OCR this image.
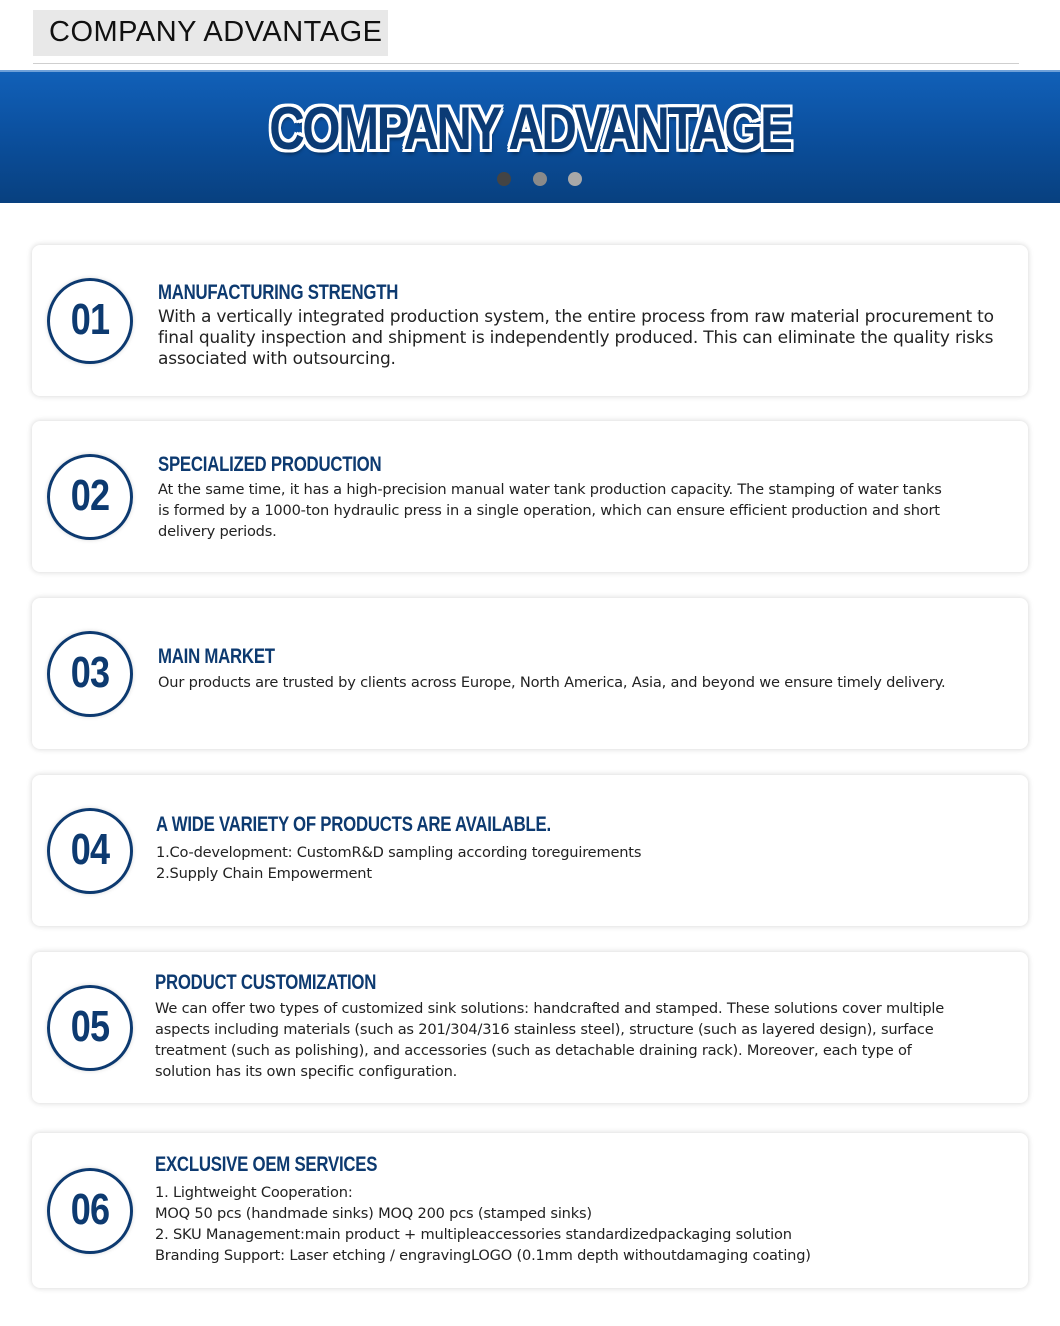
COMPANY ADVANTAGE
COMPANY ADVANTAGE
01
MANUFACTURING STRENGTH
With a vertically integrated production system, the entire process from raw material procurement to
final quality inspection and shipment is independently produced. This can eliminate the quality risks
associated with outsourcing.
02
SPECIALIZED PRODUCTION
At the same time, it has a high-precision manual water tank production capacity. The stamping of water tanks
is formed by a 1000-ton hydraulic press in a single operation, which can ensure efficient production and short
delivery periods.
03	MAIN MARKET
Our products are trusted by clients across Europe, North America, Asia, and beyond we ensure timely delivery.
04	A WIDE VARIETY OF PRODUCTS ARE AVAILABLE.
1.Co-development: CustomR&D sampling according toreguirements
2.Supply Chain Empowerment
05
PRODUCT CUSTOMIZATION
We can offer two types of customized sink solutions: handcrafted and stamped. These solutions cover multiple
aspects including materials (such as 201/304/316 stainless steel), structure (such as layered design), surface
treatment (such as polishing), and accessories (such as detachable draining rack). Moreover, each type of
solution has its own specific configuration.
06
EXCLUSIVE OEM SERVICES
1. Lightweight Cooperation:
MOQ 50 pcs (handmade sinks) MOQ 200 pcs (stamped sinks)
2. SKU Management:main product + multipleaccessories standardizedpackaging solution
Branding Support: Laser etching / engravingLOGO (0.1mm depth withoutdamaging coating)
